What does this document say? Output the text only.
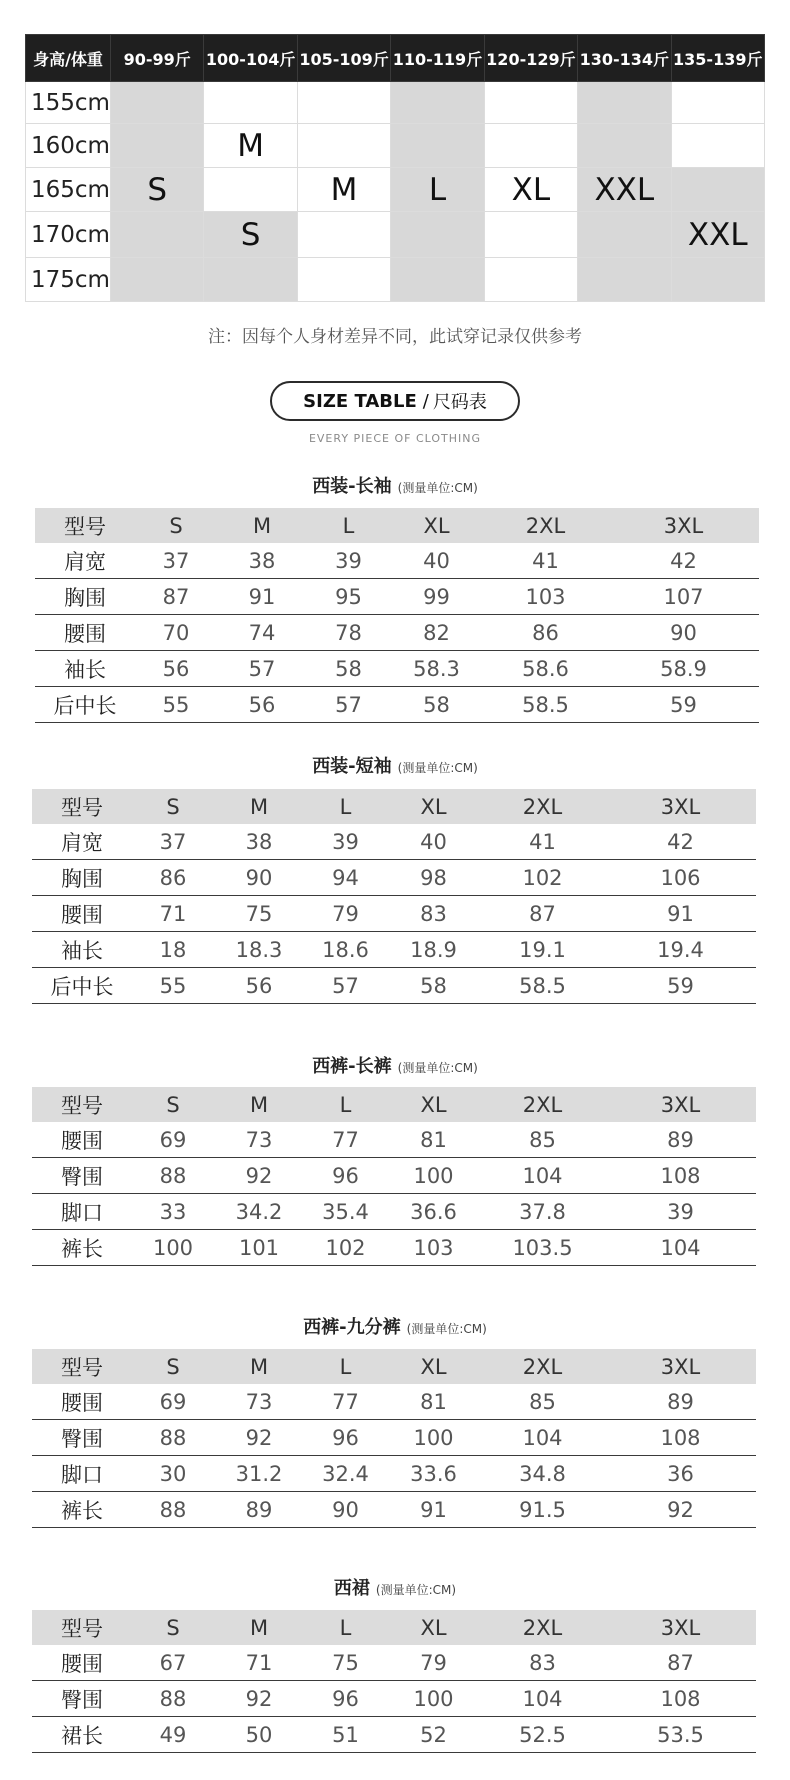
身高/体重	90-99斤	100-104斤	105-109斤	110-119斤	120-129斤	130-134斤	135-139斤
155cm							
160cm		M					
165cm	S		M	L	XL	XXL	
170cm		S					XXL
175cm							
注：因每个人身材差异不同，此试穿记录仅供参考
SIZE TABLE / 尺码表
EVERY PIECE OF CLOTHING
西装-长袖 (测量单位:CM)
型号	S	M	L	XL	2XL	3XL
肩宽	37	38	39	40	41	42
胸围	87	91	95	99	103	107
腰围	70	74	78	82	86	90
袖长	56	57	58	58.3	58.6	58.9
后中长	55	56	57	58	58.5	59
西装-短袖 (测量单位:CM)
型号	S	M	L	XL	2XL	3XL
肩宽	37	38	39	40	41	42
胸围	86	90	94	98	102	106
腰围	71	75	79	83	87	91
袖长	18	18.3	18.6	18.9	19.1	19.4
后中长	55	56	57	58	58.5	59
西裤-长裤 (测量单位:CM)
型号	S	M	L	XL	2XL	3XL
腰围	69	73	77	81	85	89
臀围	88	92	96	100	104	108
脚口	33	34.2	35.4	36.6	37.8	39
裤长	100	101	102	103	103.5	104
西裤-九分裤 (测量单位:CM)
型号	S	M	L	XL	2XL	3XL
腰围	69	73	77	81	85	89
臀围	88	92	96	100	104	108
脚口	30	31.2	32.4	33.6	34.8	36
裤长	88	89	90	91	91.5	92
西裙 (测量单位:CM)
型号	S	M	L	XL	2XL	3XL
腰围	67	71	75	79	83	87
臀围	88	92	96	100	104	108
裙长	49	50	51	52	52.5	53.5
